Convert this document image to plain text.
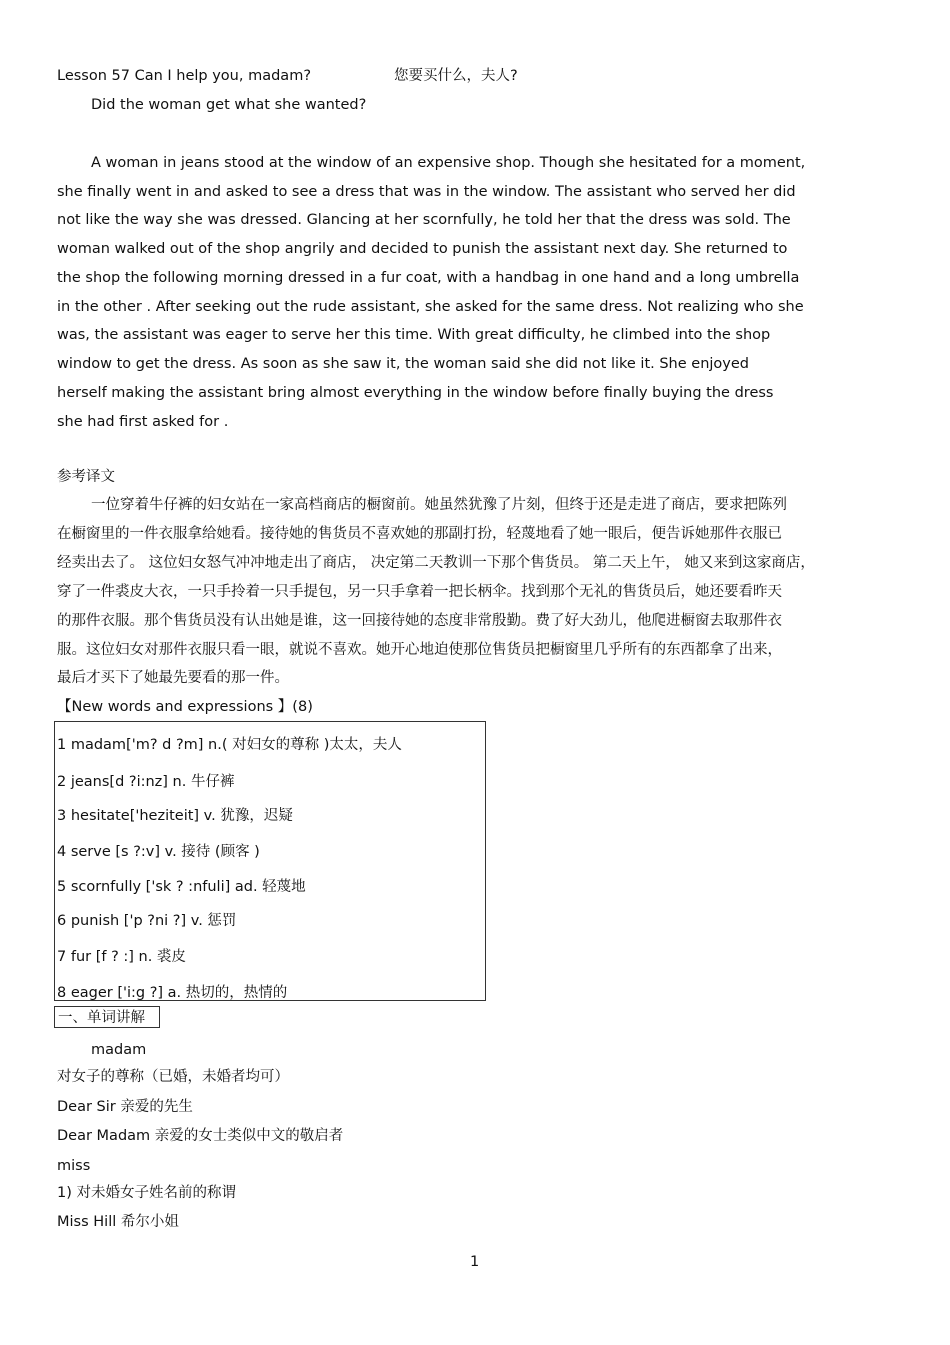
Lesson 57 Can I help you, madam?	您要买什么，夫人?
Did the woman get what she wanted?
A woman in jeans stood at the window of an expensive shop. Though she hesitated for a moment,
she finally went in and asked to see a dress that was in the window. The assistant who served her did
not like the way she was dressed. Glancing at her scornfully, he told her that the dress was sold. The
woman walked out of the shop angrily and decided to punish the assistant next day. She returned to
the shop the following morning dressed in a fur coat, with a handbag in one hand and a long umbrella
in the other . After seeking out the rude assistant, she asked for the same dress. Not realizing who she
was, the assistant was eager to serve her this time. With great difficulty, he climbed into the shop
window to get the dress. As soon as she saw it, the woman said she did not like it. She enjoyed
herself making the assistant bring almost everything in the window before finally buying the dress
she had first asked for .
参考译文
一位穿着牛仔裤的妇女站在一家高档商店的橱窗前。她虽然犹豫了片刻，但终于还是走进了商店，要求把陈列
在橱窗里的一件衣服拿给她看。接待她的售货员不喜欢她的那副打扮，轻蔑地看了她一眼后，便告诉她那件衣服已
经卖出去了。 这位妇女怒气冲冲地走出了商店， 决定第二天教训一下那个售货员。 第二天上午， 她又来到这家商店，
穿了一件裘皮大衣，一只手拎着一只手提包，另一只手拿着一把长柄伞。找到那个无礼的售货员后，她还要看昨天
的那件衣服。那个售货员没有认出她是谁，这一回接待她的态度非常殷勤。费了好大劲儿，他爬进橱窗去取那件衣
服。这位妇女对那件衣服只看一眼，就说不喜欢。她开心地迫使那位售货员把橱窗里几乎所有的东西都拿了出来，
最后才买下了她最先要看的那一件。
【New words and expressions 】(8)
1 madam['m? d ?m] n.( 对妇女的尊称 )太太，夫人
2 jeans[d ?i:nz] n. 牛仔裤
3 hesitate['heziteit] v. 犹豫，迟疑
4 serve [s ?:v] v. 接待 (顾客 )
5 scornfully ['sk ? :nfuli] ad. 轻蔑地
6 punish ['p ?ni ?] v. 惩罚
7 fur [f ? :] n. 裘皮
8 eager ['i:g ?] a. 热切的，热情的
一、单词讲解
madam
对女子的尊称（已婚，未婚者均可）
Dear Sir 亲爱的先生
Dear Madam 亲爱的女士类似中文的敬启者
miss
1) 对未婚女子姓名前的称谓
Miss Hill 希尔小姐
1
